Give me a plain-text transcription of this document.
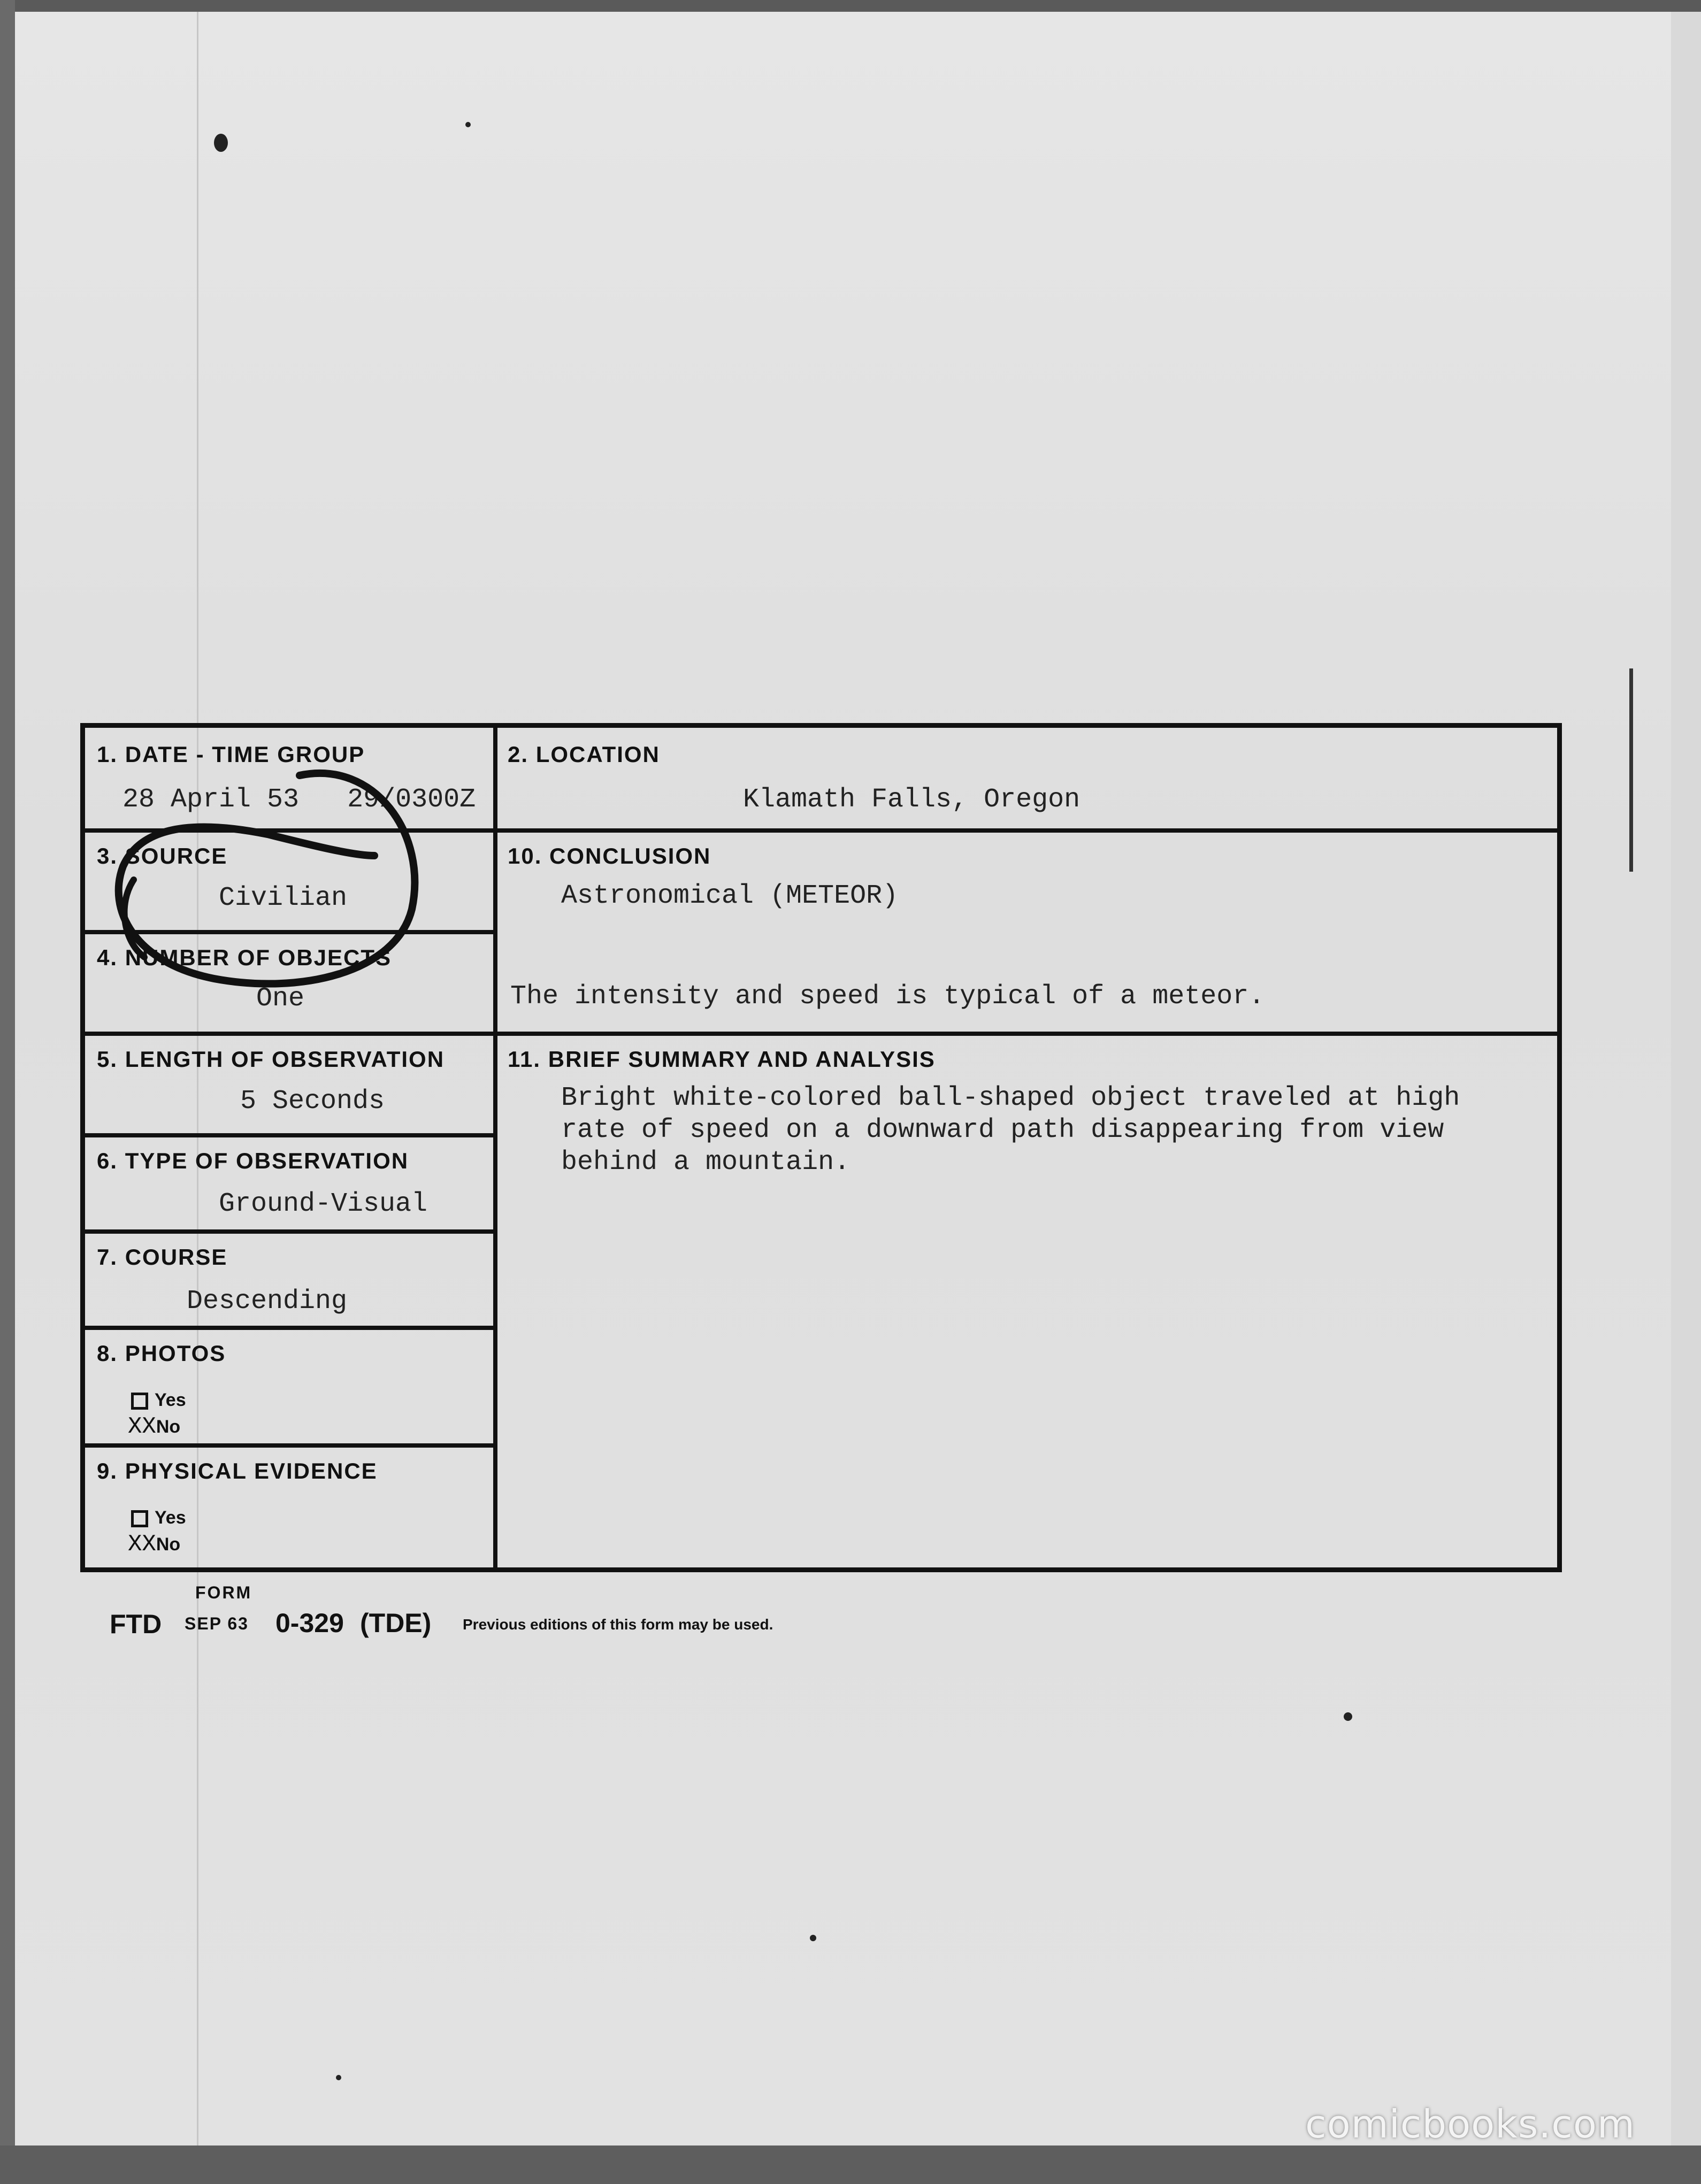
1. DATE - TIME GROUP
28 April 53   29/0300Z
2. LOCATION
Klamath Falls, Oregon
3. SOURCE
Civilian
4. NUMBER OF OBJECTS
One
5. LENGTH OF OBSERVATION
5 Seconds
6. TYPE OF OBSERVATION
Ground-Visual
7. COURSE
Descending
8. PHOTOS
Yes
XXNo
9. PHYSICAL EVIDENCE
Yes
XXNo
10. CONCLUSION
Astronomical (METEOR)
The intensity and speed is typical of a meteor.
11. BRIEF SUMMARY AND ANALYSIS
Bright white-colored ball-shaped object traveled at high
rate of speed on a downward path disappearing from view
behind a mountain.
FTD
FORM
SEP 63 0-329 (TDE) Previous editions of this form may be used.
comicbooks.com
